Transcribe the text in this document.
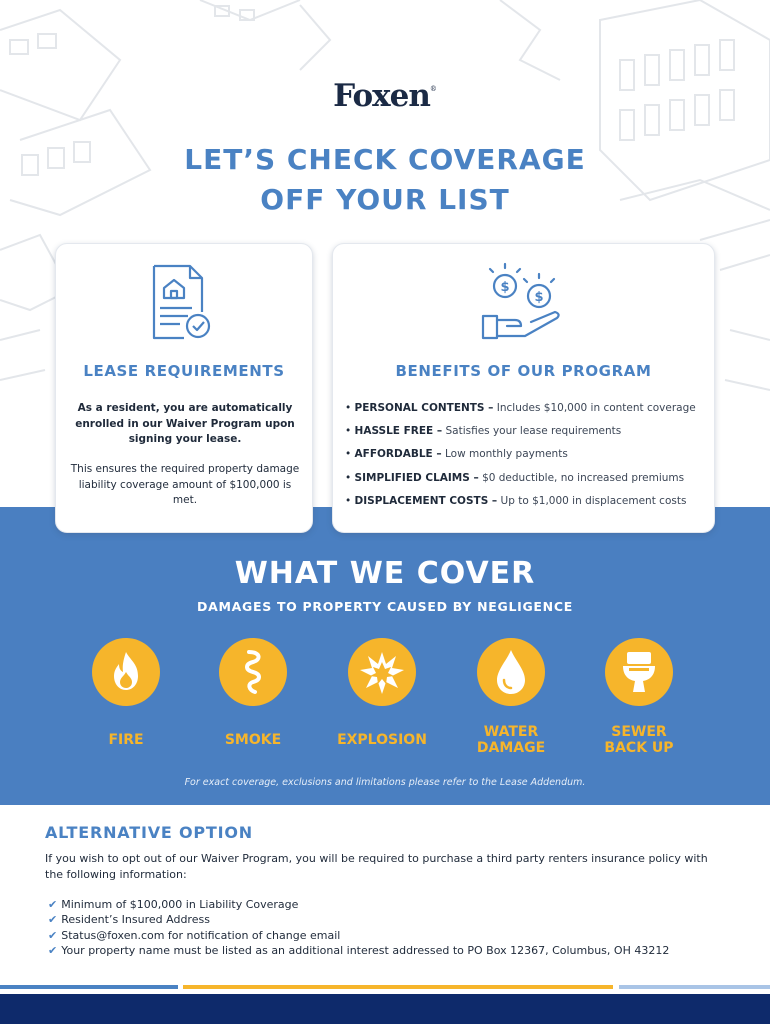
Foxen®
LET’S CHECK COVERAGE
OFF YOUR LIST
LEASE REQUIREMENTS

As a resident, you are automatically enrolled in our Waiver Program upon signing your lease.

This ensures the required property damage liability coverage amount of $100,000 is met.

$
$
BENEFITS OF OUR PROGRAM
• PERSONAL CONTENTS – Includes $10,000 in content coverage
• HASSLE FREE – Satisfies your lease requirements
• AFFORDABLE – Low monthly payments
• SIMPLIFIED CLAIMS – $0 deductible, no increased premiums
• DISPLACEMENT COSTS – Up to $1,000 in displacement costs
WHAT WE COVER
DAMAGES TO PROPERTY CAUSED BY NEGLIGENCE
FIRE	SMOKE	EXPLOSION	WATER
DAMAGE
SEWER
BACK UP
For exact coverage, exclusions and limitations please refer to the Lease Addendum.
ALTERNATIVE OPTION

If you wish to opt out of our Waiver Program, you will be required to purchase a third party renters insurance policy with the following information:

✔ Minimum of $100,000 in Liability Coverage
✔ Resident’s Insured Address
✔ Status@foxen.com for notification of change email
✔ Your property name must be listed as an additional interest addressed to PO Box 12367, Columbus, OH 43212
